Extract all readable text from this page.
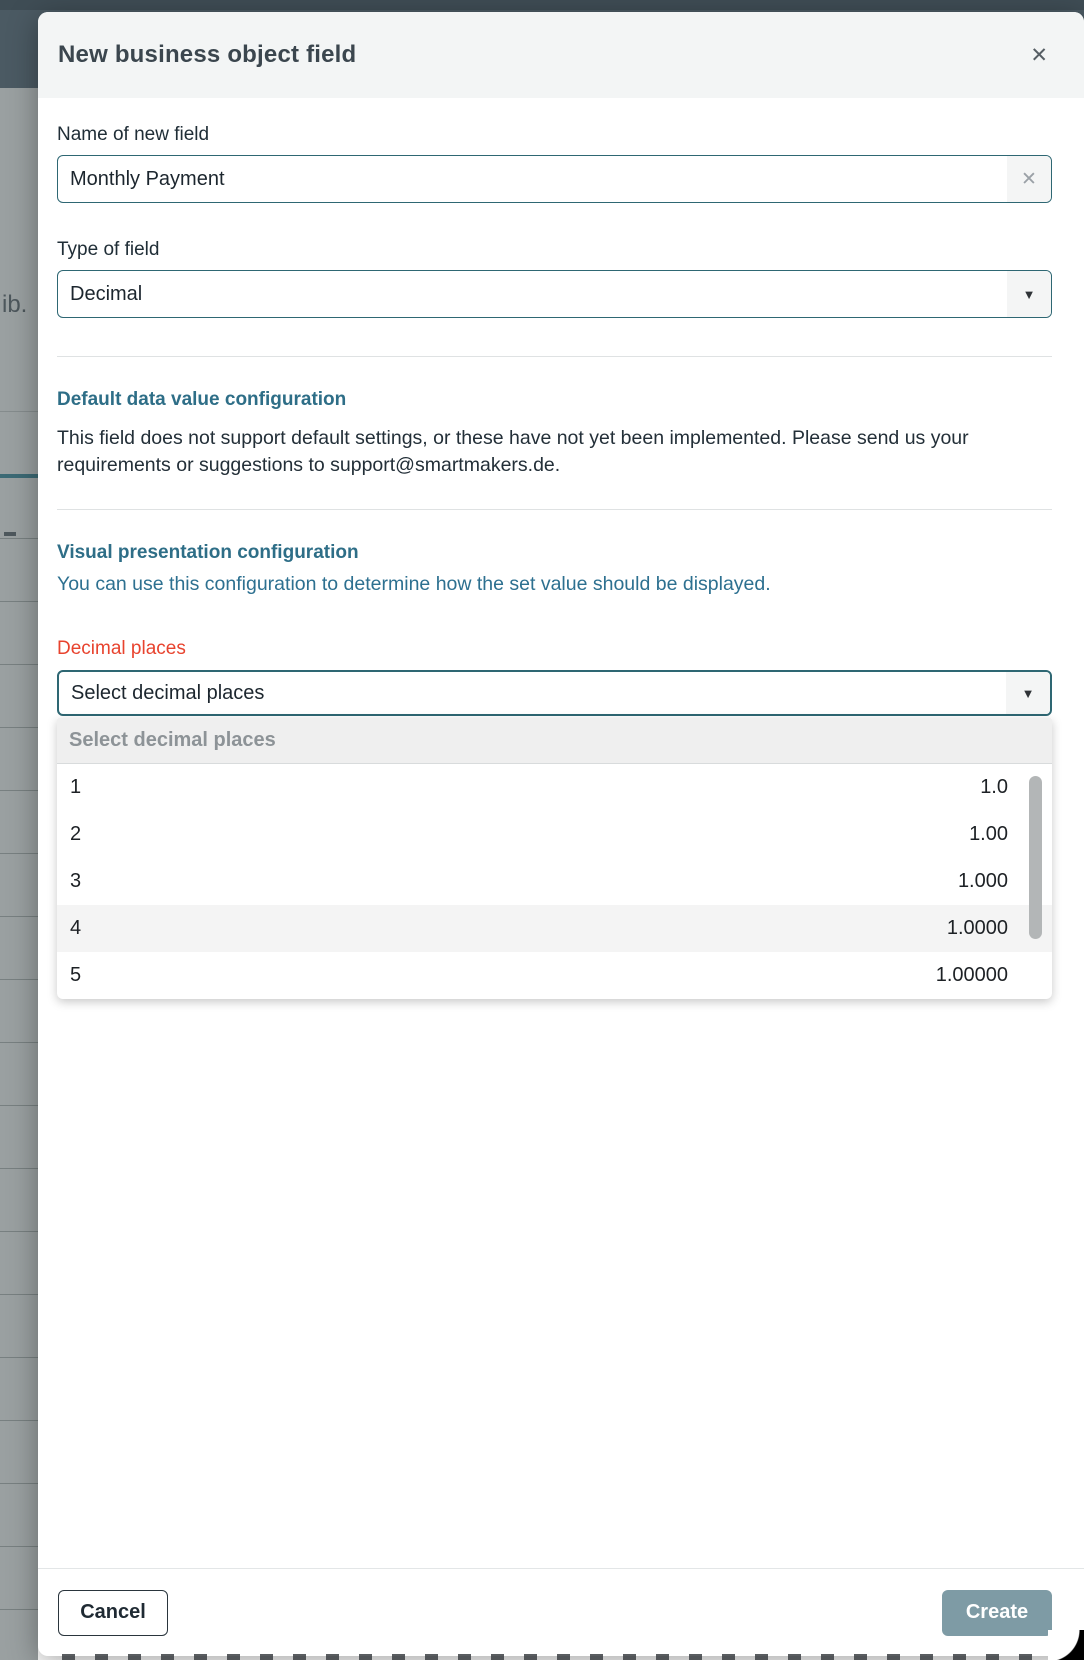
ib.
New business object field	✕
Name of new field
Monthly Payment
✕
Type of field
Decimal	▼
Default data value configuration
This field does not support default settings, or these have not yet been implemented. Please send us your requirements or suggestions to support@smartmakers.de.
Visual presentation configuration
You can use this configuration to determine how the set value should be displayed.
Decimal places
Select decimal places	▼
Select decimal places
1	1.0
2	1.00
3	1.000
4	1.0000
5	1.00000
Cancel	Create
